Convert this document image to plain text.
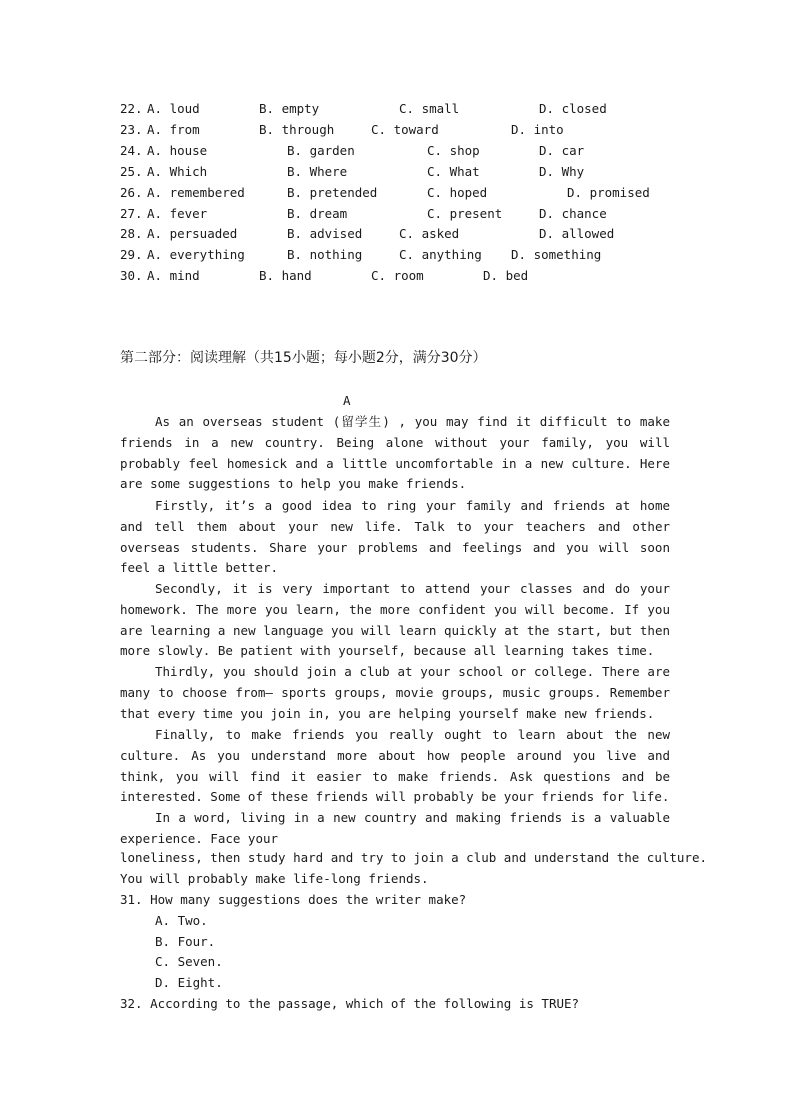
22. A. loud	B. empty	C. small	D. closed
23. A. from	B. through	C. toward	D. into
24. A. house	B. garden	C. shop	D. car
25. A. Which	B. Where	C. What	D. Why
26. A. remembered	B. pretended	C. hoped	D. promised
27. A. fever	B. dream	C. present	D. chance
28. A. persuaded	B. advised	C. asked	D. allowed
29. A. everything	B. nothing	C. anything D. something
30. A. mind	B. hand	C. room	D. bed
第二部分：阅读理解（共15小题；每小题2分，满分30分）
A

As an overseas student (留学生) , you may find it difficult to make friends in a new country. Being alone without your family, you will probably feel homesick and a little uncomfortable in a new culture. Here are some suggestions to help you make friends.

Firstly, it’s a good idea to ring your family and friends at home and tell them about your new life. Talk to your teachers and other overseas students. Share your problems and feelings and you will soon feel a little better.

Secondly, it is very important to attend your classes and do your homework. The more you learn, the more confident you will become. If you are learning a new language you will learn quickly at the start, but then more slowly. Be patient with yourself, because all learning takes time.

Thirdly, you should join a club at your school or college. There are many to choose from— sports groups, movie groups, music groups. Remember that every time you join in, you are helping yourself make new friends.

Finally, to make friends you really ought to learn about the new culture. As you understand more about how people around you live and think, you will find it easier to make friends. Ask questions and be interested. Some of these friends will probably be your friends for life.

In a word, living in a new country and making friends is a valuable experience. Face your

loneliness, then study hard and try to join a club and understand the culture.
You will probably make life-long friends.
31. How many suggestions does the writer make?
A. Two.
B. Four.
C. Seven.
D. Eight.
32. According to the passage, which of the following is TRUE?
